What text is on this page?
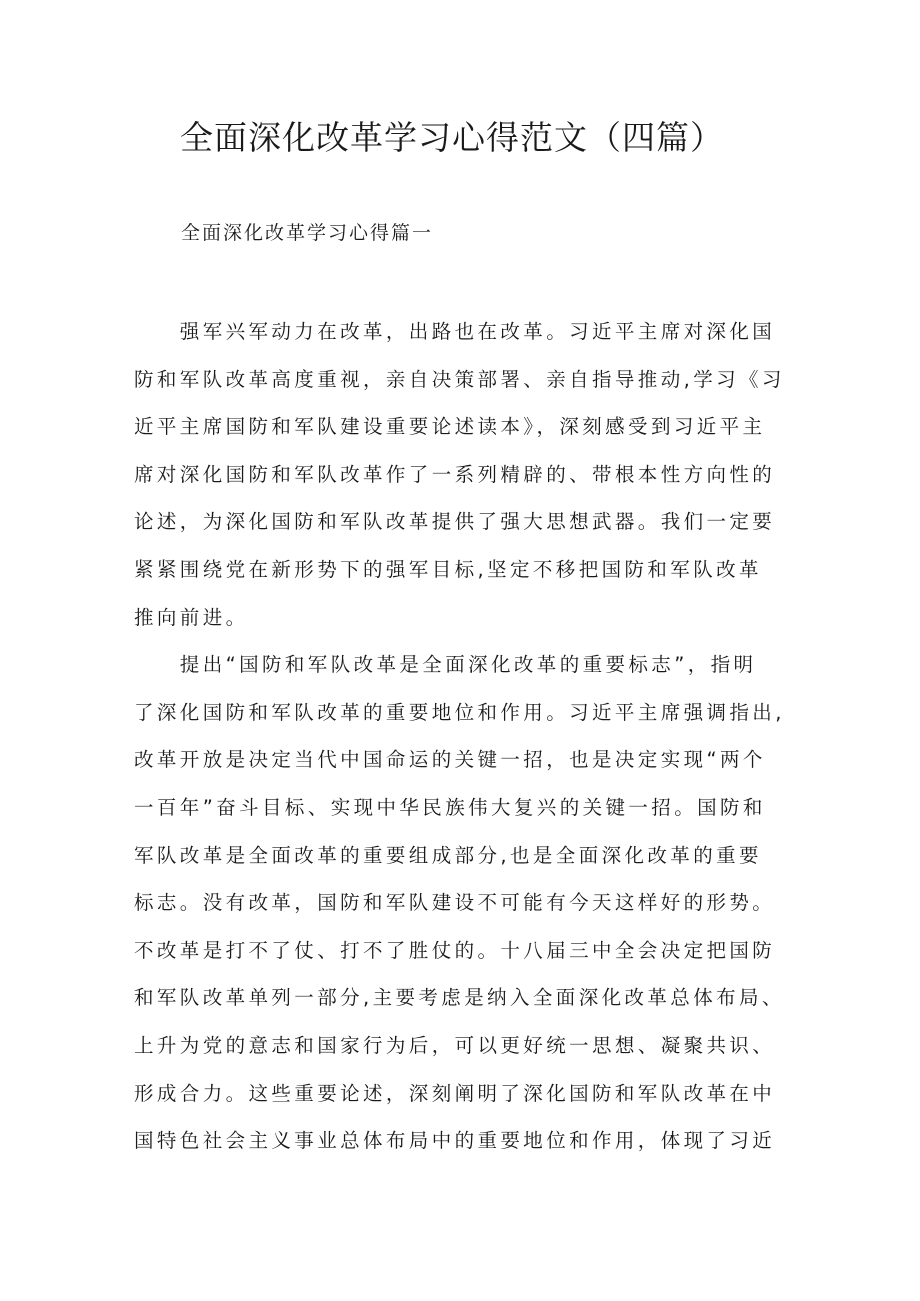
全面深化改革学习心得范文（四篇）
全面深化改革学习心得篇一

　　强军兴军动力在改革，出路也在改革。习近平主席对深化国
防和军队改革高度重视，亲自决策部署、亲自指导推动,学习《习
近平主席国防和军队建设重要论述读本》，深刻感受到习近平主
席对深化国防和军队改革作了一系列精辟的、带根本性方向性的
论述，为深化国防和军队改革提供了强大思想武器。我们一定要
紧紧围绕党在新形势下的强军目标,坚定不移把国防和军队改革
推向前进。

　　提出“国防和军队改革是全面深化改革的重要标志”，指明
了深化国防和军队改革的重要地位和作用。习近平主席强调指出,
改革开放是决定当代中国命运的关键一招，也是决定实现“两个
一百年”奋斗目标、实现中华民族伟大复兴的关键一招。国防和
军队改革是全面改革的重要组成部分,也是全面深化改革的重要
标志。没有改革，国防和军队建设不可能有今天这样好的形势。
不改革是打不了仗、打不了胜仗的。十八届三中全会决定把国防
和军队改革单列一部分,主要考虑是纳入全面深化改革总体布局、
上升为党的意志和国家行为后，可以更好统一思想、凝聚共识、
形成合力。这些重要论述，深刻阐明了深化国防和军队改革在中
国特色社会主义事业总体布局中的重要地位和作用，体现了习近
